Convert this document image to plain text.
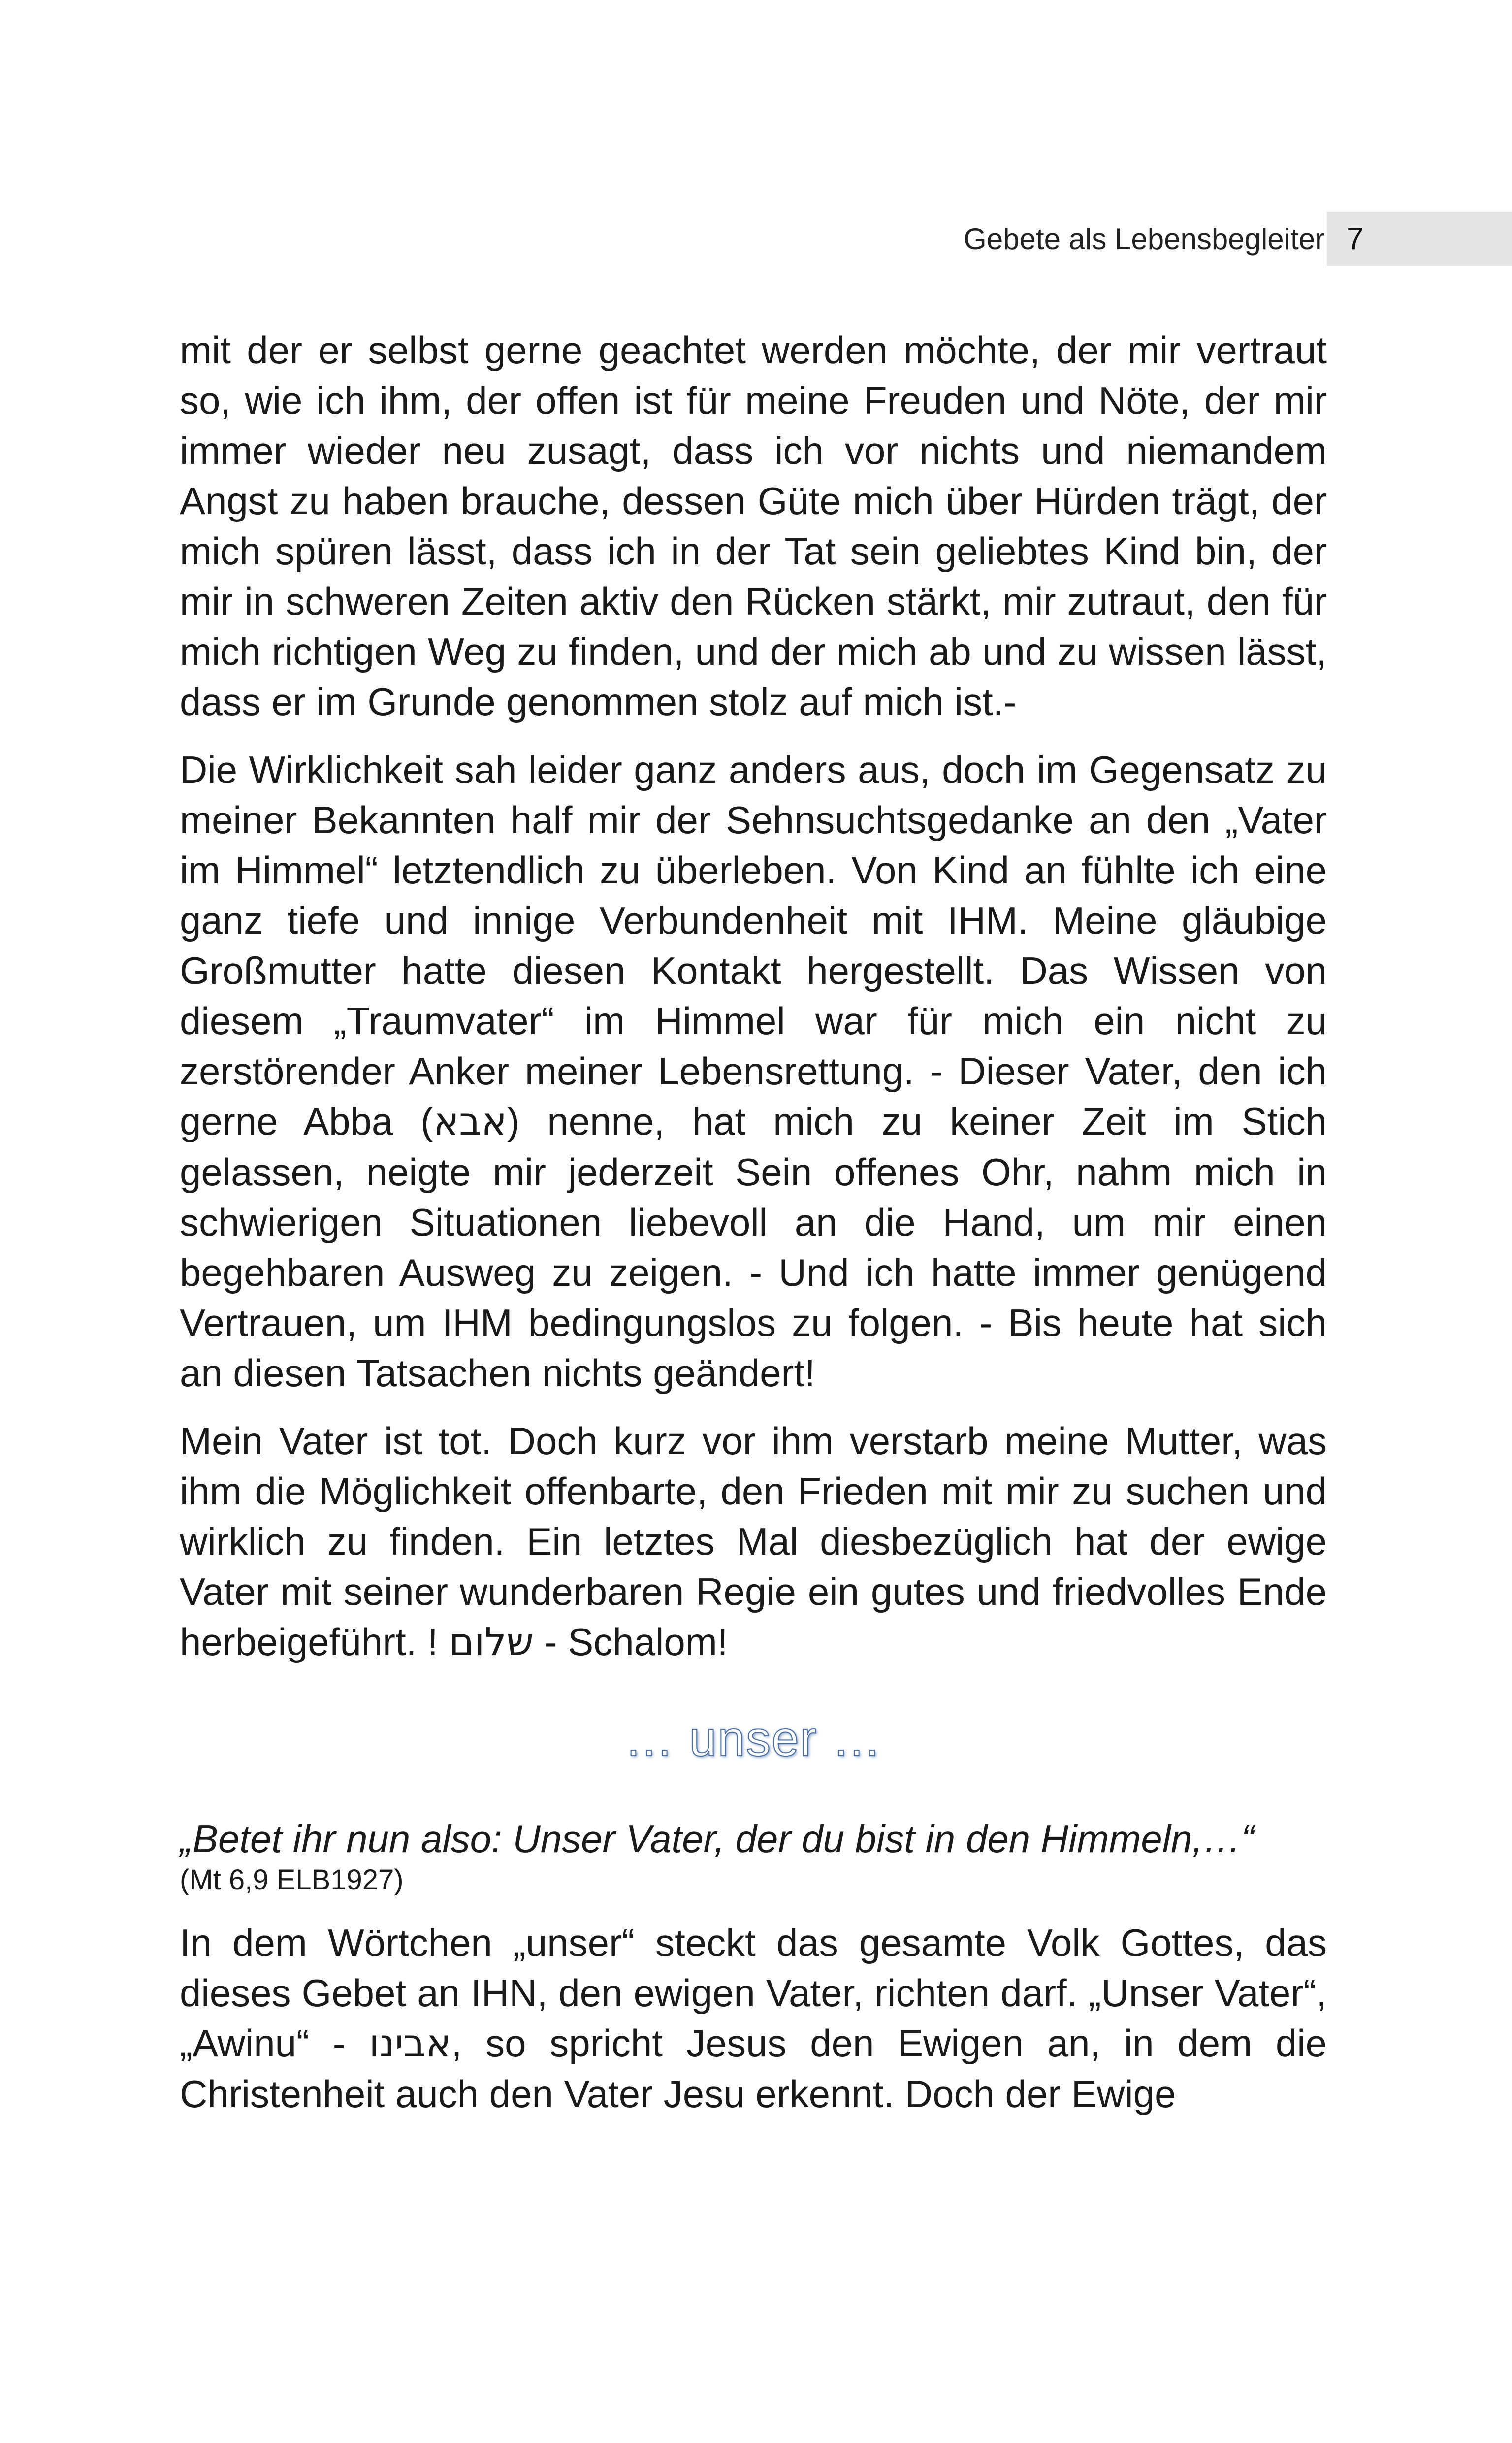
Gebete als Lebensbegleiter 7

mit der er selbst gerne geachtet werden möchte, der mir vertraut so, wie ich ihm, der offen ist für meine Freuden und Nöte, der mir immer wieder neu zusagt, dass ich vor nichts und niemandem Angst zu haben brauche, dessen Güte mich über Hürden trägt, der mich spüren lässt, dass ich in der Tat sein geliebtes Kind bin, der mir in schweren Zeiten aktiv den Rücken stärkt, mir zutraut, den für mich richtigen Weg zu finden, und der mich ab und zu wissen lässt, dass er im Grunde genommen stolz auf mich ist.-

Die Wirklichkeit sah leider ganz anders aus, doch im Gegensatz zu meiner Bekannten half mir der Sehnsuchtsgedanke an den „Vater im Himmel“ letztendlich zu überleben. Von Kind an fühlte ich eine ganz tiefe und innige Verbundenheit mit IHM. Meine gläubige Großmutter hatte diesen Kontakt hergestellt. Das Wissen von diesem „Traumvater“ im Himmel war für mich ein nicht zu zerstörender Anker meiner Lebensrettung. - Dieser Vater, den ich gerne Abba (אבא) nenne, hat mich zu keiner Zeit im Stich gelassen, neigte mir jederzeit Sein offenes Ohr, nahm mich in schwierigen Situationen liebevoll an die Hand, um mir einen begehbaren Ausweg zu zeigen. - Und ich hatte immer genügend Vertrauen, um IHM bedingungslos zu folgen. - Bis heute hat sich an diesen Tatsachen nichts geändert!

Mein Vater ist tot. Doch kurz vor ihm verstarb meine Mutter, was ihm die Möglichkeit offenbarte, den Frieden mit mir zu suchen und wirklich zu finden. Ein letztes Mal diesbezüglich hat der ewige Vater mit seiner wunderbaren Regie ein gutes und friedvolles Ende herbeigeführt. ! שלום - Schalom!

… unser …

„Betet ihr nun also: Unser Vater, der du bist in den Himmeln,…“

(Mt 6,9 ELB1927)

In dem Wörtchen „unser“ steckt das gesamte Volk Gottes, das dieses Gebet an IHN, den ewigen Vater, richten darf. „Unser Vater“, „Awinu“ - אבינו, so spricht Jesus den Ewigen an, in dem die Christenheit auch den Vater Jesu erkennt. Doch der Ewige
